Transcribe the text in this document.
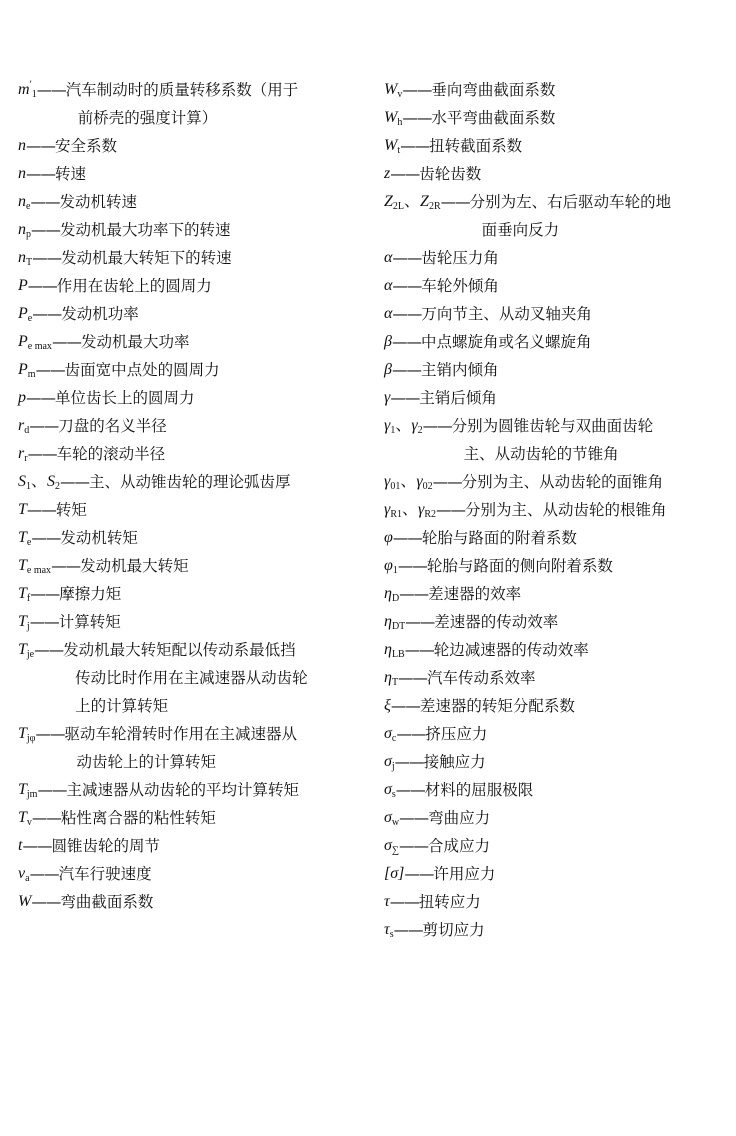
$m'_1$ —— 汽车制动时的质量转移系数（用于
前桥壳的强度计算）
n —— 安全系数
n —— 转速
$n_e$ —— 发动机转速
$n_p$ —— 发动机最大功率下的转速
$n_T$ —— 发动机最大转矩下的转速
P —— 作用在齿轮上的圆周力
$P_e$ —— 发动机功率
$P_{e max}$ —— 发动机最大功率
$P_m$ —— 齿面宽中点处的圆周力
p —— 单位齿长上的圆周力
$r_d$ —— 刀盘的名义半径
$r_r$ —— 车轮的滚动半径
$S_1$、$S_2$ —— 主、从动锥齿轮的理论弧齿厚
T —— 转矩
$T_e$ —— 发动机转矩
$T_{e max}$ —— 发动机最大转矩
$T_f$ —— 摩擦力矩
$T_j$ —— 计算转矩
$T_{je}$ —— 发动机最大转矩配以传动系最低挡
传动比时作用在主减速器从动齿轮
上的计算转矩
$T_{j\varphi}$ —— 驱动车轮滑转时作用在主减速器从
动齿轮上的计算转矩
$T_{jm}$ —— 主减速器从动齿轮的平均计算转矩
$T_v$ —— 粘性离合器的粘性转矩
t —— 圆锥齿轮的周节
$v_a$ —— 汽车行驶速度
W —— 弯曲截面系数
$W_v$ —— 垂向弯曲截面系数
$W_h$ —— 水平弯曲截面系数
$W_t$ —— 扭转截面系数
z —— 齿轮齿数
$Z_{2L}$、$Z_{2R}$ —— 分别为左、右后驱动车轮的地
面垂向反力
α —— 齿轮压力角
α —— 车轮外倾角
α —— 万向节主、从动叉轴夹角
β —— 中点螺旋角或名义螺旋角
β —— 主销内倾角
γ —— 主销后倾角
$\gamma_1$、$\gamma_2$ —— 分别为圆锥齿轮与双曲面齿轮
主、从动齿轮的节锥角
$\gamma_{01}$、$\gamma_{02}$ —— 分别为主、从动齿轮的面锥角
$\gamma_{R1}$、$\gamma_{R2}$ —— 分别为主、从动齿轮的根锥角
φ —— 轮胎与路面的附着系数
$\varphi_1$ —— 轮胎与路面的侧向附着系数
$\eta_D$ —— 差速器的效率
$\eta_{DT}$ —— 差速器的传动效率
$\eta_{LB}$ —— 轮边减速器的传动效率
$\eta_T$ —— 汽车传动系效率
ξ —— 差速器的转矩分配系数
$\sigma_c$ —— 挤压应力
$\sigma_j$ —— 接触应力
$\sigma_s$ —— 材料的屈服极限
$\sigma_w$ —— 弯曲应力
$\sigma_\sum$ —— 合成应力
[σ] —— 许用应力
τ —— 扭转应力
$\tau_s$ —— 剪切应力
